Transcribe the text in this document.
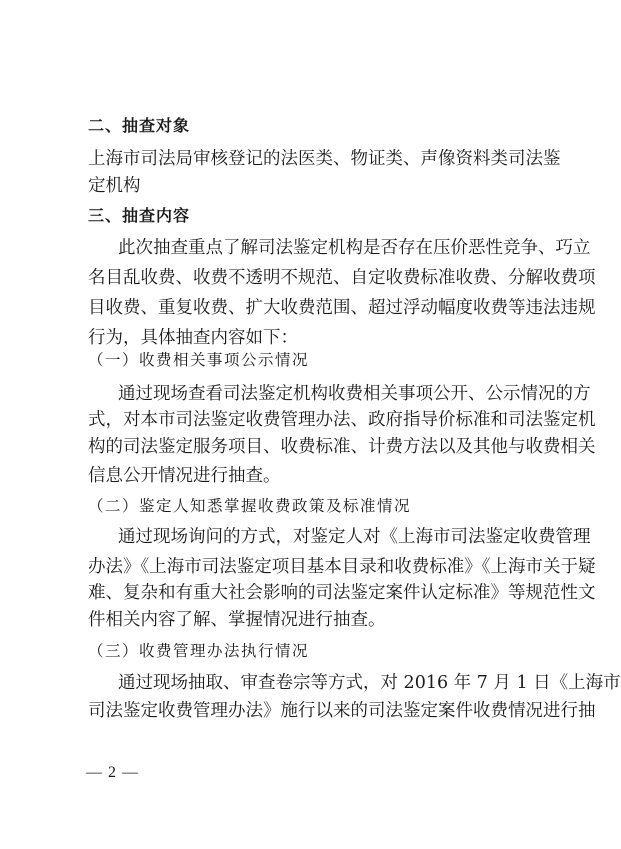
二、抽查对象
上海市司法局审核登记的法医类、物证类、声像资料类司法鉴
定机构
三、抽查内容
此次抽查重点了解司法鉴定机构是否存在压价恶性竞争、巧立
名目乱收费、收费不透明不规范、自定收费标准收费、分解收费项
目收费、重复收费、扩大收费范围、超过浮动幅度收费等违法违规
行为，具体抽查内容如下：
（一）收费相关事项公示情况
通过现场查看司法鉴定机构收费相关事项公开、公示情况的方
式，对本市司法鉴定收费管理办法、政府指导价标准和司法鉴定机
构的司法鉴定服务项目、收费标准、计费方法以及其他与收费相关
信息公开情况进行抽查。
（二）鉴定人知悉掌握收费政策及标准情况
通过现场询问的方式，对鉴定人对《上海市司法鉴定收费管理
办法》《上海市司法鉴定项目基本目录和收费标准》《上海市关于疑
难、复杂和有重大社会影响的司法鉴定案件认定标准》等规范性文
件相关内容了解、掌握情况进行抽查。
（三）收费管理办法执行情况
通过现场抽取、审查卷宗等方式，对 2016 年 7 月 1 日《上海市
司法鉴定收费管理办法》施行以来的司法鉴定案件收费情况进行抽
— 2 —
